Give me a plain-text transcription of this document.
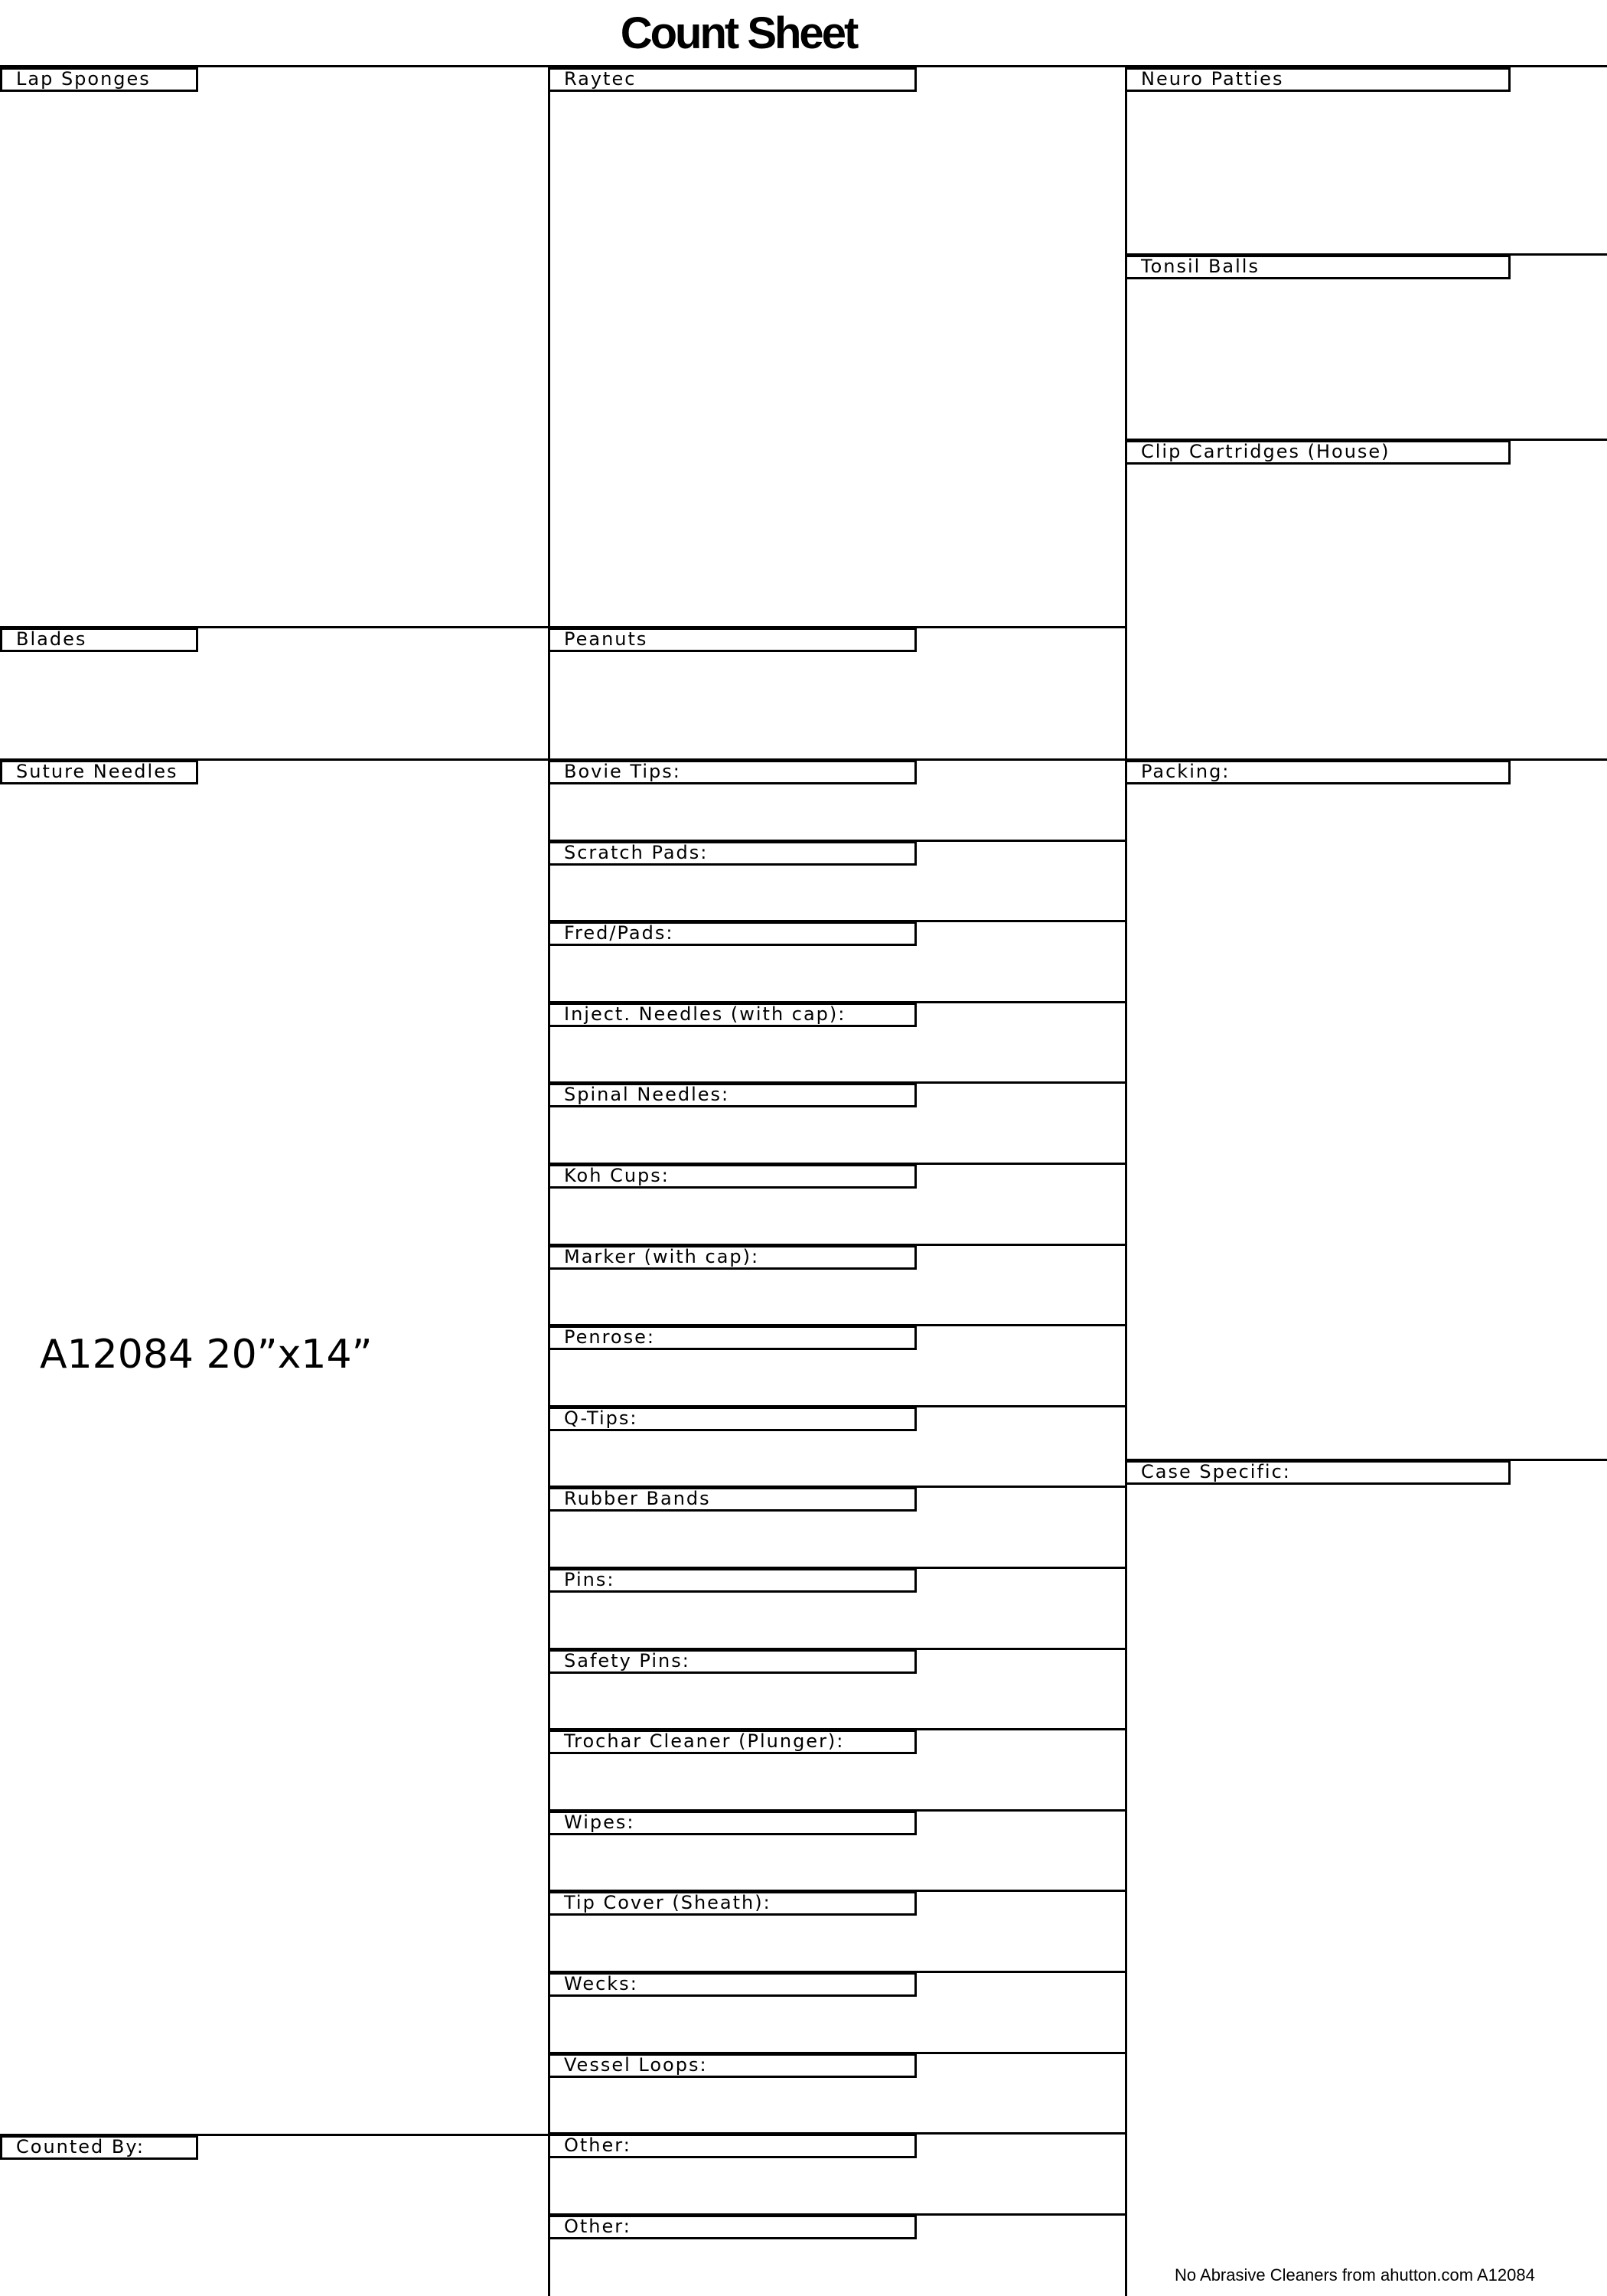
Count Sheet
Lap Sponges
Blades
Suture Needles
A12084 20”x14”
Counted By:
Raytec
Peanuts
Bovie Tips:
Scratch Pads:
Fred/Pads:
Inject. Needles (with cap):
Spinal Needles:
Koh Cups:
Marker (with cap):
Penrose:
Q-Tips:
Rubber Bands
Pins:
Safety Pins:
Trochar Cleaner (Plunger):
Wipes:
Tip Cover (Sheath):
Wecks:
Vessel Loops:
Other:
Other:
Neuro Patties
Tonsil Balls
Clip Cartridges (House)
Packing:
Case Specific:
No Abrasive Cleaners from ahutton.com A12084
